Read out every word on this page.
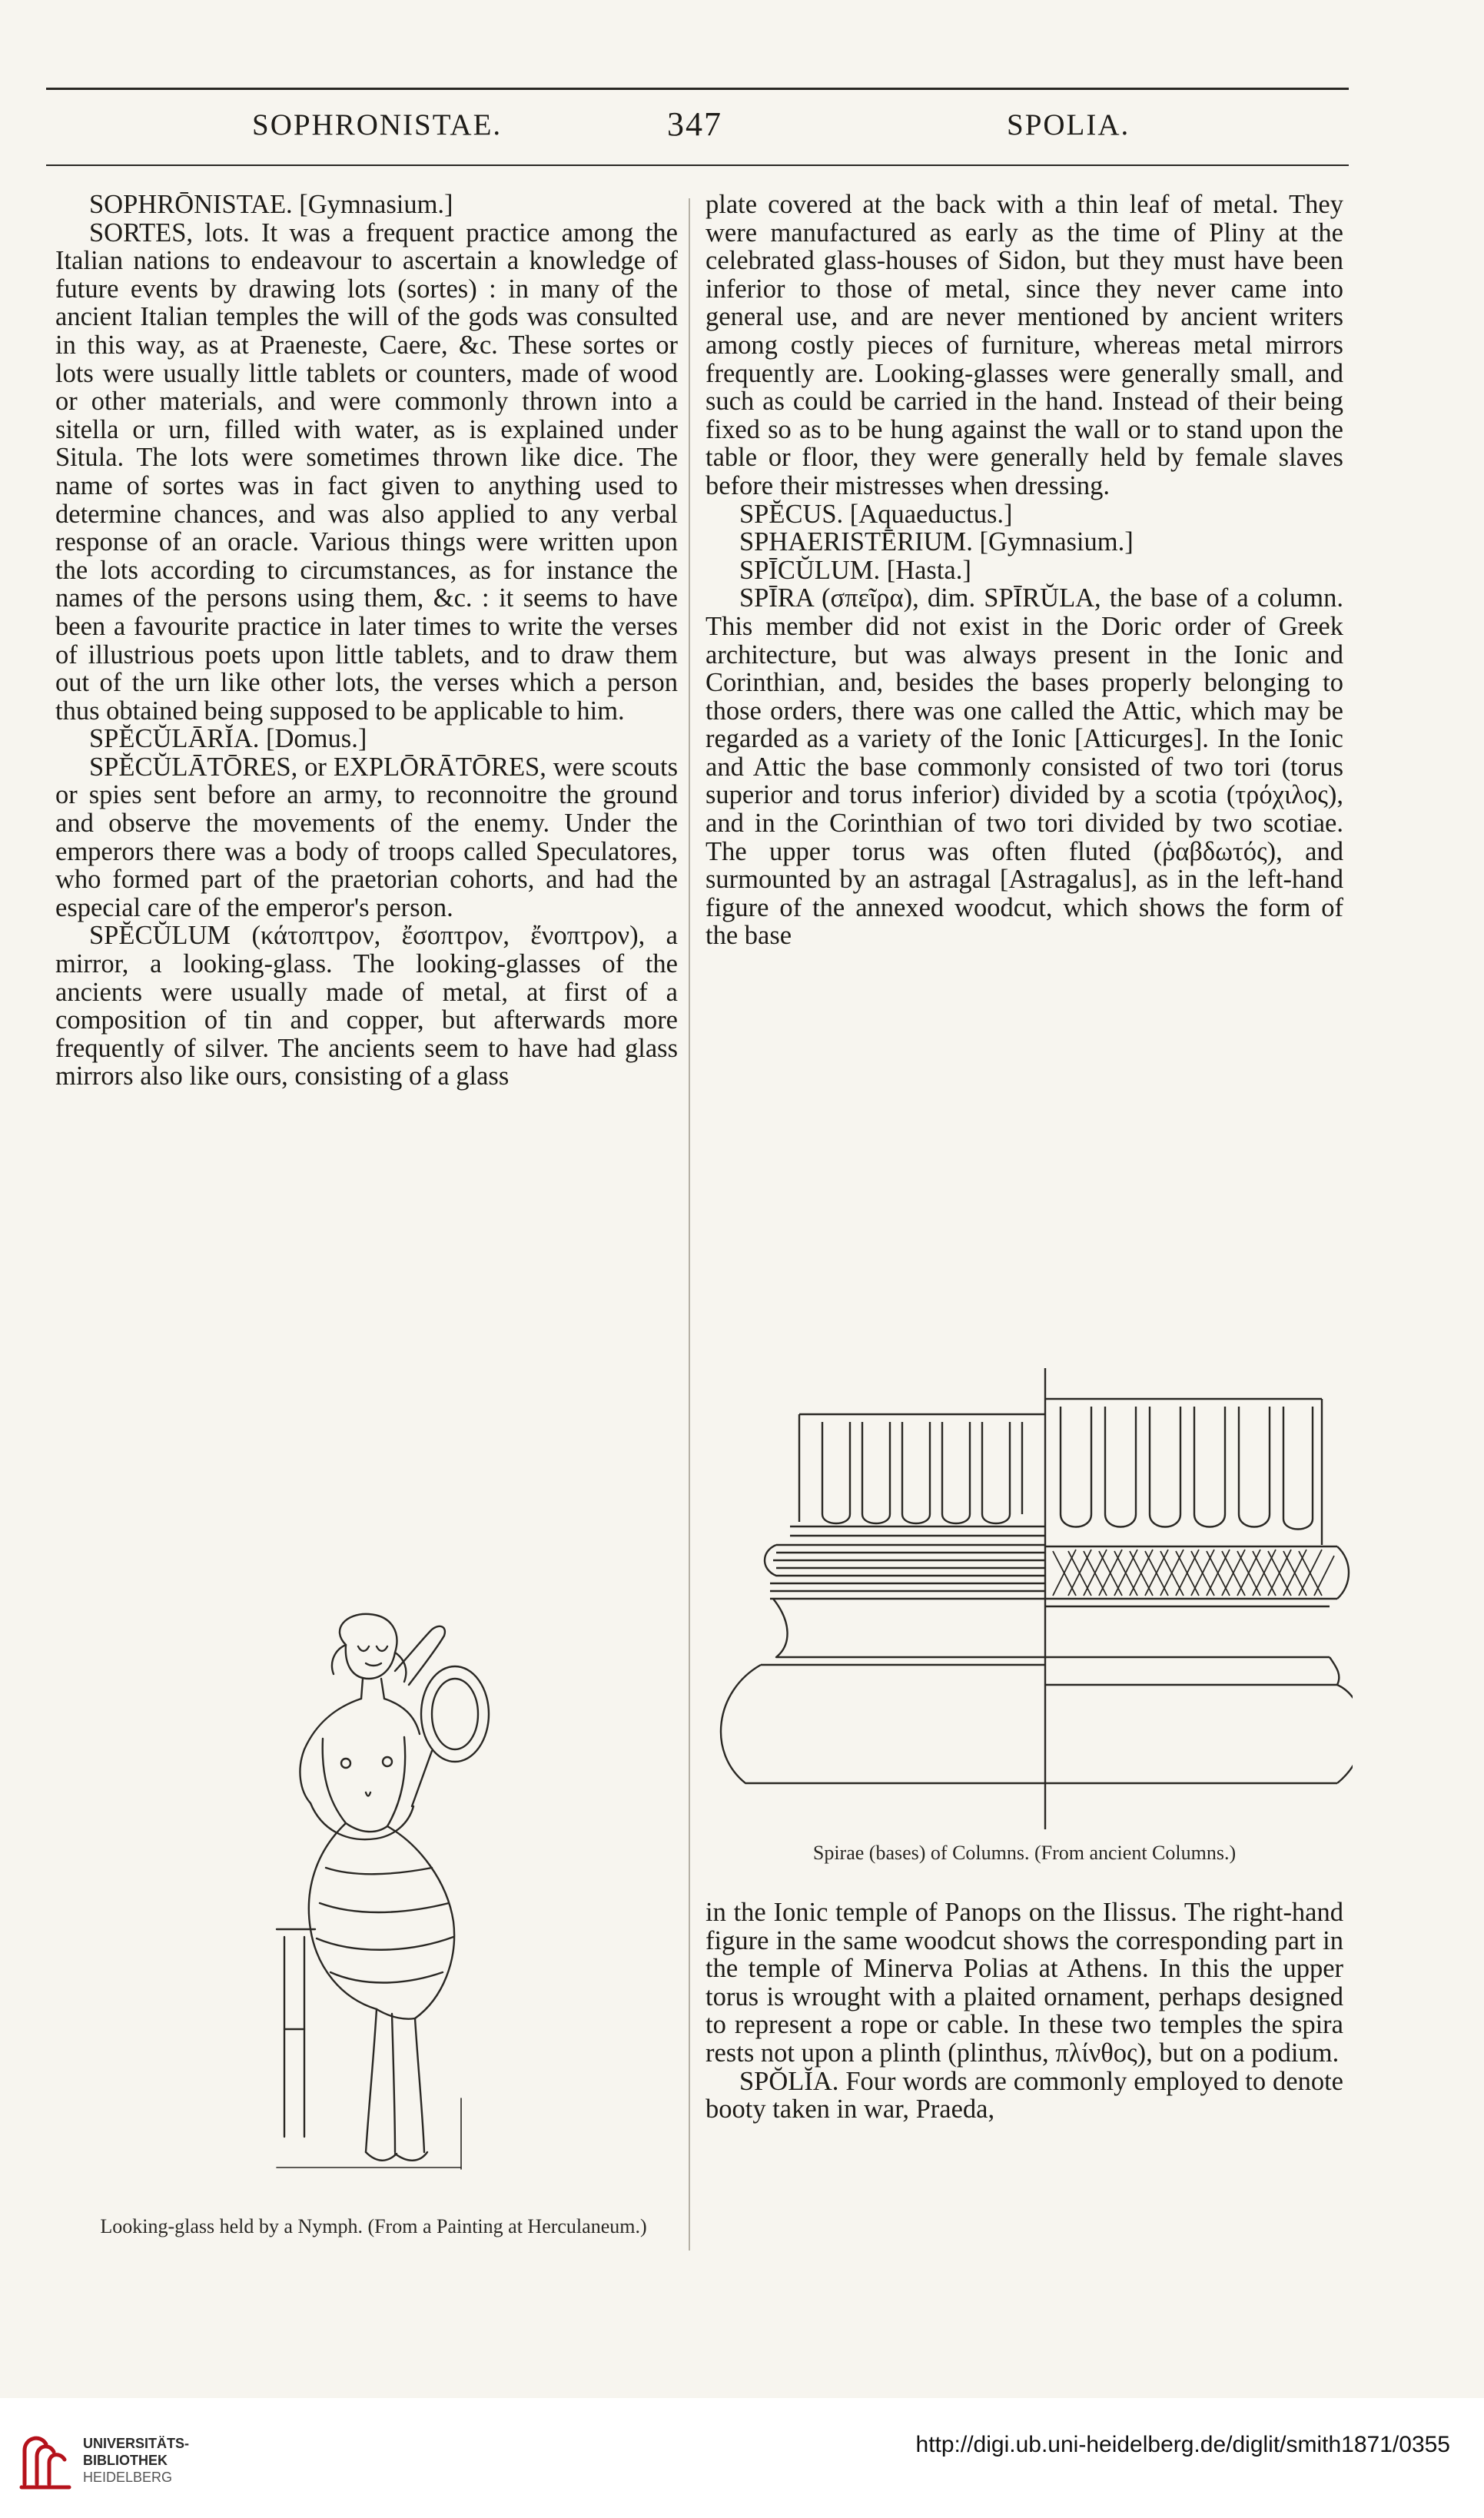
SOPHRONISTAE.	347	SPOLIA.

SOPHRŌNISTAE. [Gymnasium.]

SORTES, lots. It was a frequent practice among the Italian nations to endeavour to ascertain a knowledge of future events by drawing lots (sortes) : in many of the ancient Italian temples the will of the gods was consulted in this way, as at Praeneste, Caere, &c. These sortes or lots were usually little tablets or counters, made of wood or other materials, and were commonly thrown into a sitella or urn, filled with water, as is explained under Situla. The lots were sometimes thrown like dice. The name of sortes was in fact given to anything used to determine chances, and was also applied to any verbal response of an oracle. Various things were written upon the lots according to circumstances, as for instance the names of the persons using them, &c. : it seems to have been a favourite practice in later times to write the verses of illustrious poets upon little tablets, and to draw them out of the urn like other lots, the verses which a person thus obtained being supposed to be applicable to him.

SPĔCŬLĀRĬA. [Domus.]

SPĔCŬLĀTŌRES, or EXPLŌRĀTŌRES, were scouts or spies sent before an army, to reconnoitre the ground and observe the movements of the enemy. Under the emperors there was a body of troops called Speculatores, who formed part of the praetorian cohorts, and had the especial care of the emperor's person.

SPĔCŬLUM (κάτοπτρον, ἔσοπτρον, ἔνοπτρον), a mirror, a looking-glass. The looking-glasses of the ancients were usually made of metal, at first of a composition of tin and copper, but afterwards more frequently of silver. The ancients seem to have had glass mirrors also like ours, consisting of a glass

Looking-glass held by a Nymph. (From a Painting at Herculaneum.)

plate covered at the back with a thin leaf of metal. They were manufactured as early as the time of Pliny at the celebrated glass-houses of Sidon, but they must have been inferior to those of metal, since they never came into general use, and are never mentioned by ancient writers among costly pieces of furniture, whereas metal mirrors frequently are. Looking-glasses were generally small, and such as could be carried in the hand. Instead of their being fixed so as to be hung against the wall or to stand upon the table or floor, they were generally held by female slaves before their mistresses when dressing.

SPĔCUS. [Aquaeductus.]

SPHAERISTĒRIUM. [Gymnasium.]

SPĪCŬLUM. [Hasta.]

SPĪRA (σπεῖρα), dim. SPĪRŬLA, the base of a column. This member did not exist in the Doric order of Greek architecture, but was always present in the Ionic and Corinthian, and, besides the bases properly belonging to those orders, there was one called the Attic, which may be regarded as a variety of the Ionic [Atticurges]. In the Ionic and Attic the base commonly consisted of two tori (torus superior and torus inferior) divided by a scotia (τρόχιλος), and in the Corinthian of two tori divided by two scotiae. The upper torus was often fluted (ῥαβδωτός), and surmounted by an astragal [Astragalus], as in the left-hand figure of the annexed woodcut, which shows the form of the base

Spirae (bases) of Columns. (From ancient Columns.)

in the Ionic temple of Panops on the Ilissus. The right-hand figure in the same woodcut shows the corresponding part in the temple of Minerva Polias at Athens. In this the upper torus is wrought with a plaited ornament, perhaps designed to represent a rope or cable. In these two temples the spira rests not upon a plinth (plinthus, πλίνθος), but on a podium.

SPŎLĬA. Four words are commonly employed to denote booty taken in war, Praeda,

UNIVERSITÄTS-
BIBLIOTHEK
HEIDELBERG
http://digi.ub.uni-heidelberg.de/diglit/smith1871/0355
